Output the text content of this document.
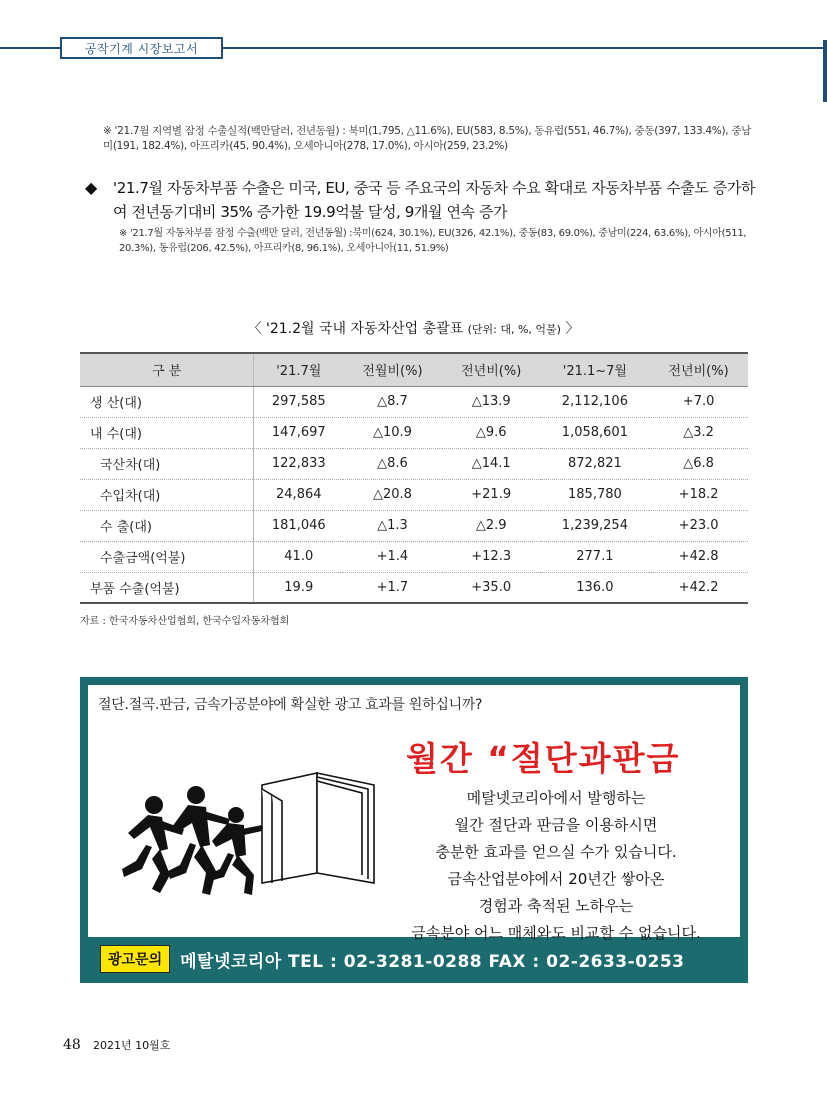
공작기계 시장보고서

※ '21.7월 지역별 잠정 수출실적(백만달러, 전년동월) : 북미(1,795, △11.6%), EU(583, 8.5%), 동유럽(551, 46.7%), 중동(397, 133.4%), 중남미(191, 182.4%), 아프리카(45, 90.4%), 오세아니아(278, 17.0%), 아시아(259, 23.2%)

◆	'21.7월 자동차부품 수출은 미국, EU, 중국 등 주요국의 자동차 수요 확대로 자동차부품 수출도 증가하여 전년동기대비 35% 증가한 19.9억불 달성, 9개월 연속 증가

※ '21.7월 자동차부품 잠정 수출(백만 달러, 전년동월) :북미(624, 30.1%), EU(326, 42.1%), 중동(83, 69.0%), 중남미(224, 63.6%), 아시아(511, 20.3%), 동유럽(206, 42.5%), 아프리카(8, 96.1%), 오세아니아(11, 51.9%)

〈 '21.2월 국내 자동차산업 총괄표 (단위: 대, %, 억불) 〉
구 분	'21.7월	전월비(%)	전년비(%)	'21.1~7월	전년비(%)
생 산(대)	297,585	△8.7	△13.9	2,112,106	+7.0
내 수(대)	147,697	△10.9	△9.6	1,058,601	△3.2
국산차(대)	122,833	△8.6	△14.1	872,821	△6.8
수입차(대)	24,864	△20.8	+21.9	185,780	+18.2
수 출(대)	181,046	△1.3	△2.9	1,239,254	+23.0
수출금액(억불)	41.0	+1.4	+12.3	277.1	+42.8
부품 수출(억불)	19.9	+1.7	+35.0	136.0	+42.2
자료 : 한국자동차산업협회, 한국수입자동차협회
절단.절곡.판금, 금속가공분야에 확실한 광고 효과를 원하십니까?
월간 “절단과판금
메탈넷코리아에서 발행하는
월간 절단과 판금을 이용하시면
충분한 효과를 얻으실 수가 있습니다.
금속산업분야에서 20년간 쌓아온
경험과 축적된 노하우는
금속분야 어느 매체와도 비교할 수 없습니다.
광고문의	메탈넷코리아 TEL : 02-3281-0288 FAX : 02-2633-0253
48 2021년 10월호
